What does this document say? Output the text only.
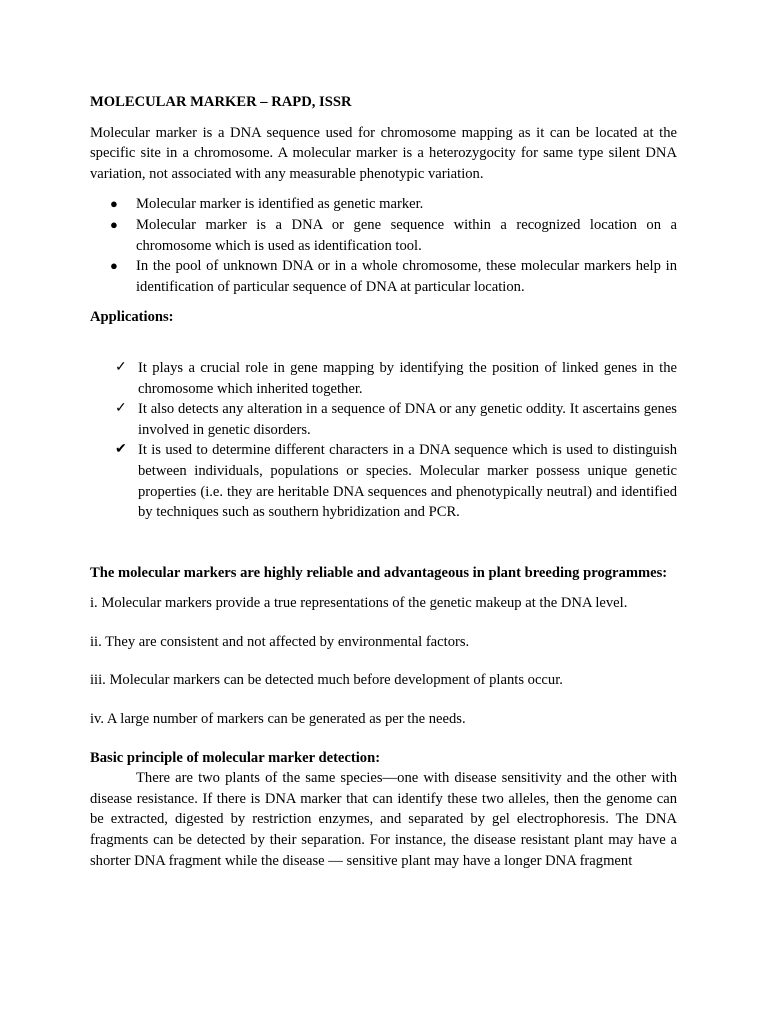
MOLECULAR MARKER – RAPD, ISSR

Molecular marker is a DNA sequence used for chromosome mapping as it can be located at the specific site in a chromosome. A molecular marker is a heterozygocity for same type silent DNA variation, not associated with any measurable phenotypic variation.

● Molecular marker is identified as genetic marker.
● Molecular marker is a DNA or gene sequence within a recognized location on a chromosome which is used as identification tool.
● In the pool of unknown DNA or in a whole chromosome, these molecular markers help in identification of particular sequence of DNA at particular location.
Applications:
✓ It plays a crucial role in gene mapping by identifying the position of linked genes in the chromosome which inherited together.
✓ It also detects any alteration in a sequence of DNA or any genetic oddity. It ascertains genes involved in genetic disorders.
✔ It is used to determine different characters in a DNA sequence which is used to distinguish between individuals, populations or species. Molecular marker possess unique genetic properties (i.e. they are heritable DNA sequences and phenotypically neutral) and identified by techniques such as southern hybridization and PCR.
The molecular markers are highly reliable and advantageous in plant breeding programmes:

i. Molecular markers provide a true representations of the genetic makeup at the DNA level.

ii. They are consistent and not affected by environmental factors.

iii. Molecular markers can be detected much before development of plants occur.

iv. A large number of markers can be generated as per the needs.

Basic principle of molecular marker detection:

There are two plants of the same species—one with disease sensitivity and the other with disease resistance. If there is DNA marker that can identify these two alleles, then the genome can be extracted, digested by restriction enzymes, and separated by gel electrophoresis. The DNA fragments can be detected by their separation. For instance, the disease resistant plant may have a shorter DNA fragment while the disease — sensitive plant may have a longer DNA fragment
